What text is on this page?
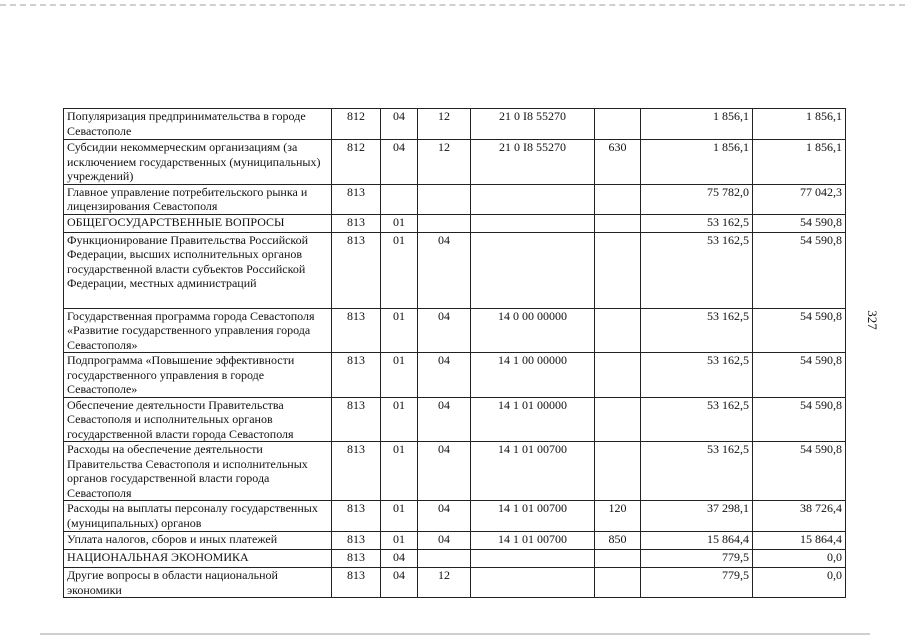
Популяризация предпринимательства в городе Севастополе	812	04	12	21 0 I8 55270		1 856,1	1 856,1
Субсидии некоммерческим организациям (за исключением государственных (муниципальных) учреждений)	812	04	12	21 0 I8 55270	630	1 856,1	1 856,1
Главное управление потребительского рынка и лицензирования Севастополя	813					75 782,0	77 042,3
ОБЩЕГОСУДАРСТВЕННЫЕ ВОПРОСЫ	813	01				53 162,5	54 590,8
Функционирование Правительства Российской Федерации, высших исполнительных органов государственной власти субъектов Российской Федерации, местных администраций	813	01	04			53 162,5	54 590,8
Государственная программа города Севастополя «Развитие государственного управления города Севастополя»	813	01	04	14 0 00 00000		53 162,5	54 590,8
Подпрограмма «Повышение эффективности государственного управления в городе Севастополе»	813	01	04	14 1 00 00000		53 162,5	54 590,8
Обеспечение деятельности Правительства Севастополя и исполнительных органов государственной власти города Севастополя	813	01	04	14 1 01 00000		53 162,5	54 590,8
Расходы на обеспечение деятельности Правительства Севастополя и исполнительных органов государственной власти города Севастополя	813	01	04	14 1 01 00700		53 162,5	54 590,8
Расходы на выплаты персоналу государственных (муниципальных) органов	813	01	04	14 1 01 00700	120	37 298,1	38 726,4
Уплата налогов, сборов и иных платежей	813	01	04	14 1 01 00700	850	15 864,4	15 864,4
НАЦИОНАЛЬНАЯ ЭКОНОМИКА	813	04				779,5	0,0
Другие вопросы в области национальной экономики	813	04	12			779,5	0,0
327
